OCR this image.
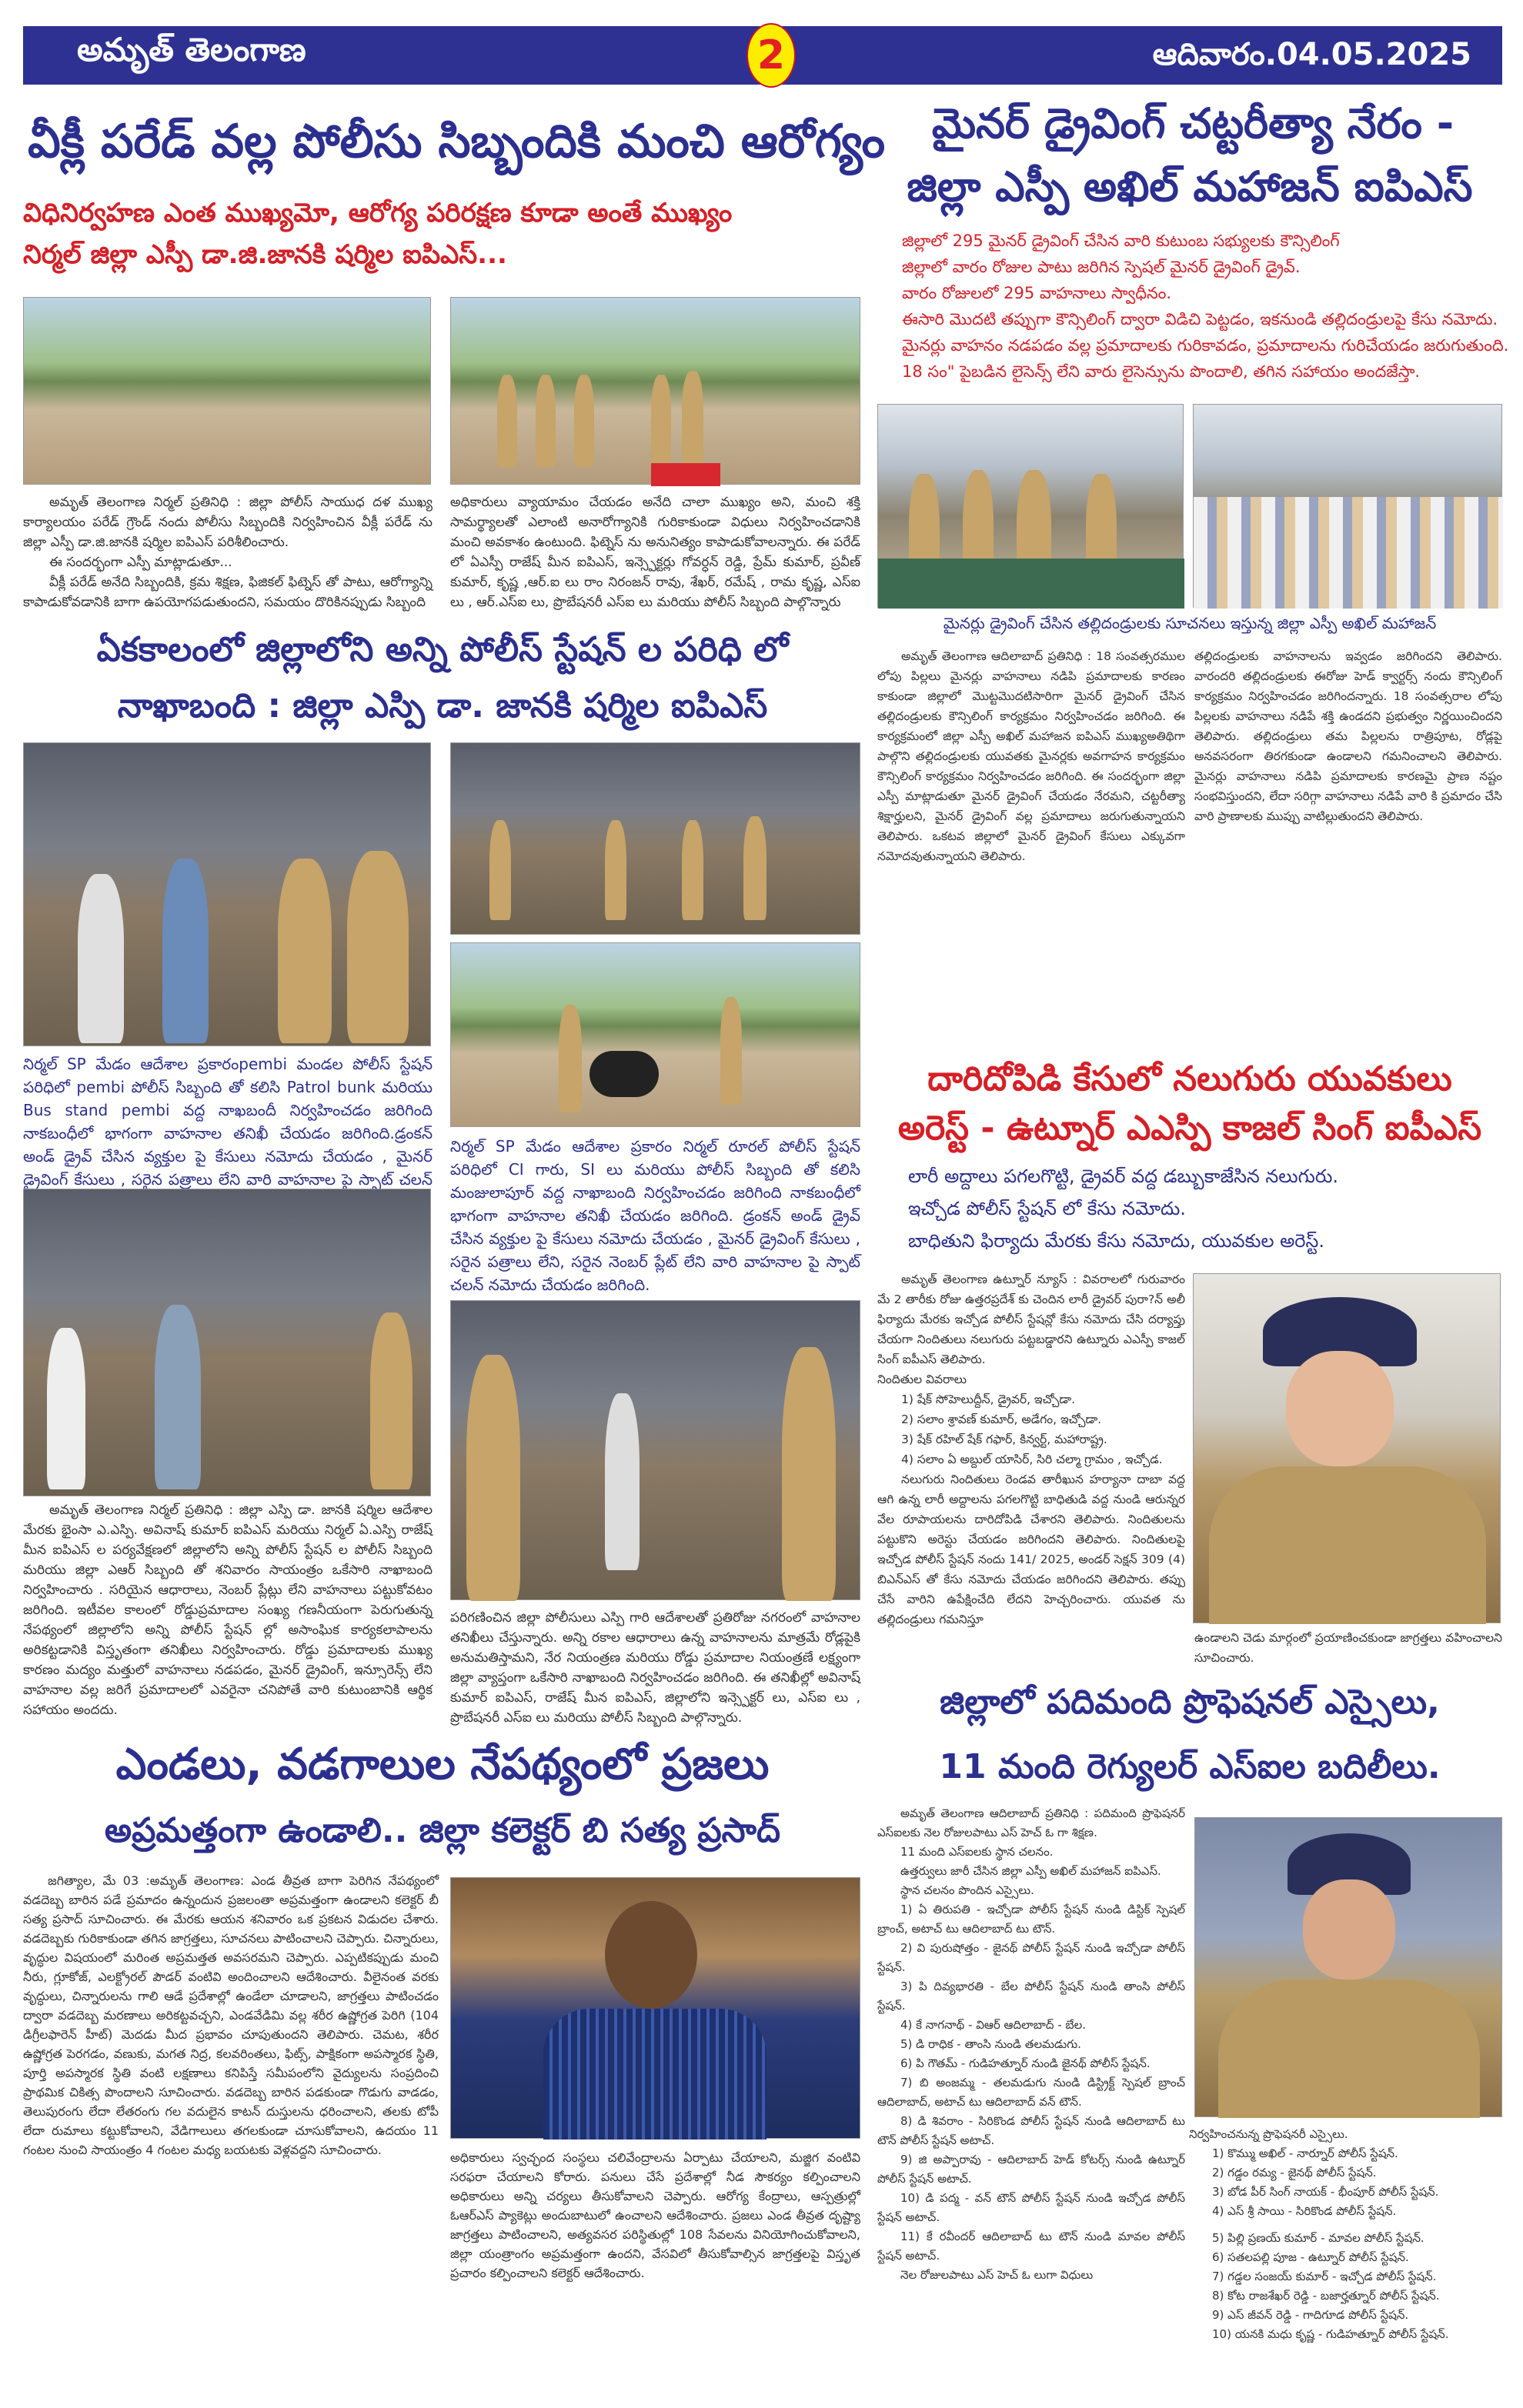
అమృత్ తెలంగాణ	2	ఆదివారం.04.05.2025
వీక్లీ పరేడ్ వల్ల పోలీసు సిబ్బందికి మంచి ఆరోగ్యం
విధినిర్వహణ ఎంత ముఖ్యమో, ఆరోగ్య పరిరక్షణ కూడా అంతే ముఖ్యం
నిర్మల్ జిల్లా ఎస్పీ డా.జి.జానకి షర్మిల ఐపిఎస్...

అమృత్ తెలంగాణ నిర్మల్ ప్రతినిధి : జిల్లా పోలీస్ సాయుధ దళ ముఖ్య కార్యాలయం పరేడ్ గ్రౌండ్ నందు పోలీసు సిబ్బందికి నిర్వహించిన వీక్లీ పరేడ్ ను జిల్లా ఎస్పీ డా.జి.జానకి షర్మిల ఐపిఎస్ పరిశీలించారు.

ఈ సందర్భంగా ఎస్పీ మాట్లాడుతూ...

వీక్లీ పరేడ్ అనేది సిబ్బందికి, క్రమ శిక్షణ, ఫిజికల్ ఫిట్నెస్ తో పాటు, ఆరోగ్యాన్ని కాపాడుకోవడానికి బాగా ఉపయోగపడుతుందని, సమయం దొరికినప్పుడు సిబ్బంది

అధికారులు వ్యాయామం చేయడం అనేది చాలా ముఖ్యం అని, మంచి శక్తి సామర్థ్యాలతో ఎలాంటి అనారోగ్యానికి గురికాకుండా విధులు నిర్వహించడానికి మంచి అవకాశం ఉంటుంది. ఫిట్నెస్ ను అనునిత్యం కాపాడుకోవాలన్నారు. ఈ పరేడ్ లో ఏఎస్పీ రాజేష్ మీన ఐపిఎస్, ఇన్స్పెక్టర్లు గోవర్ధన్ రెడ్డి, ప్రేమ్ కుమార్, ప్రవీణ్ కుమార్, కృష్ణ ,ఆర్.ఐ లు రాం నిరంజన్ రావు, శేఖర్, రమేష్ , రామ కృష్ణ, ఎస్ఐ లు , ఆర్.ఎస్ఐ లు, ప్రొబేషనరీ ఎస్ఐ లు మరియు పోలీస్ సిబ్బంది పాల్గొన్నారు

ఏకకాలంలో జిల్లాలోని అన్ని పోలీస్ స్టేషన్ ల పరిధి లో
నాఖాబంది : జిల్లా ఎస్పి డా. జానకి షర్మిల ఐపిఎస్
నిర్మల్ SP మేడం ఆదేశాల ప్రకారంpembi మండల పోలీస్ స్టేషన్ పరిధిలో pembi పోలీస్ సిబ్బంది తో కలిసి Patrol bunk మరియు Bus stand pembi వద్ద నాఖబందీ నిర్వహించడం జరిగింది నాకబంధీలో భాగంగా వాహనాల తనిఖీ చేయడం జరిగింది.డ్రంకన్ అండ్ డ్రైవ్ చేసిన వ్యక్తుల పై కేసులు నమోదు చేయడం , మైనర్ డ్రైవింగ్ కేసులు , సరైన పత్రాలు లేని వారి వాహనాల పై స్పాట్ చలన్

అమృత్ తెలంగాణ నిర్మల్ ప్రతినిధి : జిల్లా ఎస్పి డా. జానకి షర్మిల ఆదేశాల మేరకు భైంసా ఎ.ఎస్పి. అవినాష్ కుమార్ ఐపిఎస్ మరియు నిర్మల్ ఏ.ఎస్పి రాజేష్ మీన ఐపిఎస్ ల పర్యవేక్షణలో జిల్లాలోని అన్ని పోలీస్ స్టేషన్ ల పోలీస్ సిబ్బంది మరియు జిల్లా ఎఆర్ సిబ్బంది తో శనివారం సాయంత్రం ఒకేసారి నాఖాబంది నిర్వహించారు . సరియైన ఆధారాలు, నెంబర్ ప్లేట్లు లేని వాహనాలు పట్టుకోవటం జరిగింది. ఇటీవల కాలంలో రోడ్డుప్రమాదాల సంఖ్య గణనీయంగా పెరుగుతున్న నేపథ్యంలో జిల్లాలోని అన్ని పోలీస్ స్టేషన్ ల్లో అసాంఘిక కార్యకలాపాలను అరికట్టడానికి విస్తృతంగా తనిఖీలు నిర్వహించారు. రోడ్డు ప్రమాదాలకు ముఖ్య కారణం మద్యం మత్తులో వాహనాలు నడపడం, మైనర్ డ్రైవింగ్, ఇన్సూరెన్స్ లేని వాహనాల వల్ల జరిగే ప్రమాదాలలో ఎవరైనా చనిపోతే వారి కుటుంబానికి ఆర్థిక సహాయం అందదు.

నిర్మల్ SP మేడం ఆదేశాల ప్రకారం నిర్మల్ రూరల్ పోలీస్ స్టేషన్ పరిధిలో CI గారు, SI లు మరియు పోలీస్ సిబ్బంది తో కలిసి మంజులాపూర్ వద్ద నాఖాబంది నిర్వహించడం జరిగింది నాకబంధీలో భాగంగా వాహనాల తనిఖీ చేయడం జరిగింది. డ్రంకన్ అండ్ డ్రైవ్ చేసిన వ్యక్తుల పై కేసులు నమోదు చేయడం , మైనర్ డ్రైవింగ్ కేసులు , సరైన పత్రాలు లేని, సరైన నెంబర్ ప్లేట్ లేని వారి వాహనాల పై స్పాట్ చలన్ నమోదు చేయడం జరిగింది.

పరిగణించిన జిల్లా పోలీసులు ఎస్పి గారి ఆదేశాలతో ప్రతిరోజు నగరంలో వాహనాల తనిఖీలు చేస్తున్నారు. అన్ని రకాల ఆధారాలు ఉన్న వాహనాలను మాత్రమే రోడ్లపైకి అనుమతిస్తామని, నేర నియంత్రణ మరియు రోడ్డు ప్రమాదాల నియంత్రణే లక్ష్యంగా జిల్లా వ్యాప్తంగా ఒకేసారి నాఖాబంది నిర్వహించడం జరిగింది. ఈ తనిఖీల్లో అవినాష్ కుమార్ ఐపిఎస్, రాజేష్ మీన ఐపిఎస్, జిల్లాలోని ఇన్స్పెక్టర్ లు, ఎస్ఐ లు , ప్రొబేషనరీ ఎస్ఐ లు మరియు పోలీస్ సిబ్బంది పాల్గొన్నారు.

ఎండలు, వడగాలుల నేపథ్యంలో ప్రజలు
అప్రమత్తంగా ఉండాలి.. జిల్లా కలెక్టర్ బి సత్య ప్రసాద్

జగిత్యాల, మే 03 :అమృత్ తెలంగాణ: ఎండ తీవ్రత బాగా పెరిగిన నేపథ్యంలో వడదెబ్బ బారిన పడే ప్రమాదం ఉన్నందున ప్రజలంతా అప్రమత్తంగా ఉండాలని కలెక్టర్ బీ సత్య ప్రసాద్ సూచించారు. ఈ మేరకు ఆయన శనివారం ఒక ప్రకటన విడుదల చేశారు. వడదెబ్బకు గురికాకుండా తగిన జాగ్రత్తలు, సూచనలు పాటించాలని చెప్పారు. చిన్నారులు, వృద్ధుల విషయంలో మరింత అప్రమత్తత అవసరమని చెప్పారు. ఎప్పటికప్పుడు మంచి నీరు, గ్లూకోజ్, ఎలక్ట్రోరల్ పౌడర్ వంటివి అందించాలని ఆదేశించారు. వీలైనంత వరకు వృద్ధులు, చిన్నారులను గాలి ఆడే ప్రదేశాల్లో ఉండేలా చూడాలని, జాగ్రత్తలు పాటించడం ద్వారా వడదెబ్బ మరణాలు అరికట్టవచ్చని, ఎండవేడిమి వల్ల శరీర ఉష్ణోగ్రత పెరిగి (104 డిగ్రీలఫారెన్ హీట్) మెదడు మీద ప్రభావం చూపుతుందని తెలిపారు. చెమట, శరీర ఉష్ణోగ్రత పెరగడం, వణుకు, మగత నిద్ర, కలవరింతలు, ఫిట్స్, పాక్షికంగా అపస్మారక స్థితి, పూర్తి అపస్మారక స్థితి వంటి లక్షణాలు కనిపిస్తే సమీపంలోని వైద్యులను సంప్రదించి ప్రాథమిక చికిత్స పొందాలని సూచించారు. వడదెబ్బ బారిన పడకుండా గొడుగు వాడడం, తెలుపురంగు లేదా లేతరంగు గల వదులైన కాటన్ దుస్తులను ధరించాలని, తలకు టోపీ లేదా రుమాలు కట్టుకోవాలని, వేడిగాలులు తగలకుండా చూసుకోవాలని, ఉదయం 11 గంటల నుంచి సాయంత్రం 4 గంటల మధ్య బయటకు వెళ్లవద్దని సూచించారు.

అధికారులు స్వచ్ఛంద సంస్థలు చలివేంద్రాలను ఏర్పాటు చేయాలని, మజ్జిగ వంటివి సరఫరా చేయాలని కోరారు. పనులు చేసే ప్రదేశాల్లో నీడ సౌకర్యం కల్పించాలని అధికారులు అన్ని చర్యలు తీసుకోవాలని చెప్పారు. ఆరోగ్య కేంద్రాలు, ఆస్పత్రుల్లో ఓఆర్ఎస్ ప్యాకెట్లు అందుబాటులో ఉంచాలని ఆదేశించారు. ప్రజలు ఎండ తీవ్రత దృష్ట్యా జాగ్రత్తలు పాటించాలని, అత్యవసర పరిస్థితుల్లో 108 సేవలను వినియోగించుకోవాలని, జిల్లా యంత్రాంగం అప్రమత్తంగా ఉందని, వేసవిలో తీసుకోవాల్సిన జాగ్రత్తలపై విస్తృత ప్రచారం కల్పించాలని కలెక్టర్ ఆదేశించారు.

మైనర్ డ్రైవింగ్ చట్టరీత్యా నేరం -
జిల్లా ఎస్పీ అఖిల్ మహాజన్ ఐపిఎస్
జిల్లాలో 295 మైనర్ డ్రైవింగ్ చేసిన వారి కుటుంబ సభ్యులకు కౌన్సిలింగ్
జిల్లాలో వారం రోజుల పాటు జరిగిన స్పెషల్ మైనర్ డ్రైవింగ్ డ్రైవ్.
వారం రోజులలో 295 వాహనాలు స్వాధీనం.
ఈసారి మొదటి తప్పుగా కౌన్సిలింగ్ ద్వారా విడిచి పెట్టడం, ఇకనుండి తల్లిదండ్రులపై కేసు నమోదు.
మైనర్లు వాహనం నడపడం వల్ల ప్రమాదాలకు గురికావడం, ప్రమాదాలను గురిచేయడం జరుగుతుంది.
18 సం" పైబడిన లైసెన్స్ లేని వారు లైసెన్సును పొందాలి, తగిన సహాయం అందజేస్తా.
మైనర్లు డ్రైవింగ్ చేసిన తల్లిదండ్రులకు సూచనలు ఇస్తున్న జిల్లా ఎస్పీ అఖిల్ మహాజన్

అమృత్ తెలంగాణ ఆదిలాబాద్ ప్రతినిధి : 18 సంవత్సరముల లోపు పిల్లలు మైనర్లు వాహనాలు నడిపి ప్రమాదాలకు కారణం కాకుండా జిల్లాలో మొట్టమొదటిసారిగా మైనర్ డ్రైవింగ్ చేసిన తల్లిదండ్రులకు కౌన్సిలింగ్ కార్యక్రమం నిర్వహించడం జరిగింది. ఈ కార్యక్రమంలో జిల్లా ఎస్పీ అఖిల్ మహాజన ఐపిఎస్ ముఖ్యఅతిథిగా పాల్గొని తల్లిదండ్రులకు యువతకు మైనర్లకు అవగాహన కార్యక్రమం కౌన్సిలింగ్ కార్యక్రమం నిర్వహించడం జరిగింది. ఈ సందర్భంగా జిల్లా ఎస్పీ మాట్లాడుతూ మైనర్ డ్రైవింగ్ చేయడం నేరమని, చట్టరీత్యా శిక్షార్హులని, మైనర్ డ్రైవింగ్ వల్ల ప్రమాదాలు జరుగుతున్నాయని తెలిపారు. ఒకటవ జిల్లాలో మైనర్ డ్రైవింగ్ కేసులు ఎక్కువగా నమోదవుతున్నాయని తెలిపారు.

తల్లిదండ్రులకు వాహనాలను ఇవ్వడం జరిగిందని తెలిపారు. వారందరి తల్లిదండ్రులకు ఈరోజు హెడ్ క్వార్టర్స్ నందు కౌన్సిలింగ్ కార్యక్రమం నిర్వహించడం జరిగిందన్నారు. 18 సంవత్సరాల లోపు పిల్లలకు వాహనాలు నడిపే శక్తి ఉండదని ప్రభుత్వం నిర్ణయించిందని తెలిపారు. తల్లిదండ్రులు తమ పిల్లలను రాత్రిపూట, రోడ్లపై అనవసరంగా తిరగకుండా ఉండాలని గమనించాలని తెలిపారు. మైనర్లు వాహనాలు నడిపి ప్రమాదాలకు కారణమై ప్రాణ నష్టం సంభవిస్తుందని, లేదా సరిగ్గా వాహనాలు నడిపే వారి కి ప్రమాదం చేసి వారి ప్రాణాలకు ముప్పు వాటిల్లుతుందని తెలిపారు.

దారిదోపిడి కేసులో నలుగురు యువకులు
అరెస్ట్ - ఉట్నూర్ ఎఎస్పి కాజల్ సింగ్ ఐపీఎస్
లారీ అద్దాలు పగలగొట్టి, డ్రైవర్ వద్ద డబ్బుకాజేసిన నలుగురు.
ఇచ్చోడ పోలీస్ స్టేషన్ లో కేసు నమోదు.
బాధితుని ఫిర్యాదు మేరకు కేసు నమోదు, యువకుల అరెస్ట్.

అమృత్ తెలంగాణ ఉట్నూర్ న్యూస్ : వివరాలలో గురువారం మే 2 తారీకు రోజు ఉత్తరప్రదేశ్ కు చెందిన లారీ డ్రైవర్ పురా?న్ అలీ ఫిర్యాదు మేరకు ఇచ్చోడ పోలీస్ స్టేషన్లో కేసు నమోదు చేసి దర్యాప్తు చేయగా నిందితులు నలుగురు పట్టబడ్డారని ఉట్నూరు ఎఎస్పీ కాజల్ సింగ్ ఐపీఎస్ తెలిపారు.

నిందితుల వివరాలు

1) షేక్ సోహెలుద్దీన్, డ్రైవర్, ఇచ్చోడా.

2) సలాం శ్రావణ్ కుమార్, అడేగం, ఇచ్చోడా.

3) షేక్ రహిల్ షేక్ గఫార్, కిన్వర్ట్, మహారాష్ట్ర.

4) సలాం ఏ అబ్దుల్ యాసిర్, సిరి చల్మా గ్రామం , ఇచ్చోడ.

నలుగురు నిందితులు రెండవ తారీఖున హర్యానా దాబా వద్ద ఆగి ఉన్న లారీ అద్దాలను పగలగొట్టి బాధితుడి వద్ద నుండి ఆరున్నర వేల రూపాయలను దారిదోపిడి చేశారని తెలిపారు. నిందితులను పట్టుకొని అరెస్టు చేయడం జరిగిందని తెలిపారు. నిందితులపై ఇచ్చోడ పోలీస్ స్టేషన్ నందు 141/ 2025, అండర్ సెక్షన్ 309 (4) బిఎన్ఎస్ తో కేసు నమోదు చేయడం జరిగిందని తెలిపారు. తప్పు చేసే వారిని ఉపేక్షించేది లేదని హెచ్చరించారు. యువత ను తల్లిదండ్రులు గమనిస్తూ

ఉండాలని చెడు మార్గంలో ప్రయాణించకుండా జాగ్రత్తలు వహించాలని సూచించారు.
జిల్లాలో పదిమంది ప్రొఫెషనల్ ఎస్సైలు,
11 మంది రెగ్యులర్ ఎస్ఐల బదిలీలు.

అమృత్ తెలంగాణ ఆదిలాబాద్ ప్రతినిధి : పదిమంది ప్రొఫెషనర్ ఎస్ఐలకు నెల రోజులపాటు ఎస్ హెచ్ ఓ గా శిక్షణ.

11 మంది ఎస్ఐలకు స్థాన చలనం.

ఉత్తర్వులు జారీ చేసిన జిల్లా ఎస్పీ అఖిల్ మహాజన్ ఐపిఎస్.

స్థాన చలనం పొందిన ఎస్సైలు.

1) ఏ తిరుపతి - ఇచ్చోడా పోలీస్ స్టేషన్ నుండి డిస్టిక్ స్పెషల్ బ్రాంచ్, అటాచ్ టు ఆదిలాబాద్ టు టౌన్.

2) వి పురుషోత్తం - జైనథ్ పోలీస్ స్టేషన్ నుండి ఇచ్చోడా పోలీస్ స్టేషన్.

3) పి దివ్యభారతి - బేల పోలీస్ స్టేషన్ నుండి తాంసి పోలీస్ స్టేషన్.

4) కే నాగనాథ్ - విఆర్ ఆదిలాబాద్ - బేల.

5) డి రాధిక - తాంసి నుండి తలమడుగు.

6) పి గౌతమ్ - గుడిహత్నూర్ నుండి జైనథ్ పోలీస్ స్టేషన్.

7) బి అంజమ్మ - తలమడుగు నుండి డిస్ట్రిక్ట్ స్పెషల్ బ్రాంచ్ ఆదిలాబాద్, అటాచ్ టు ఆదిలాబాద్ వన్ టౌన్.

8) డి శివరాం - సిరికొండ పోలీస్ స్టేషన్ నుండి ఆదిలాబాద్ టు టౌన్ పోలీస్ స్టేషన్ అటాచ్.

9) జి అప్పారావు - ఆదిలాబాద్ హెడ్ కోటర్స్ నుండి ఉట్నూర్ పోలీస్ స్టేషన్ అటాచ్.

10) డి పద్మ - వన్ టౌన్ పోలీస్ స్టేషన్ నుండి ఇచ్చోడ పోలీస్ స్టేషన్ అటాచ్.

11) కే రవీందర్ ఆదిలాబాద్ టు టౌన్ నుండి మావల పోలీస్ స్టేషన్ అటాచ్.

నెల రోజులపాటు ఎస్ హెచ్ ఓ లుగా విధులు

నిర్వహించనున్న ప్రొఫెషనరీ ఎస్సైలు.

1) కొమ్ము అఖిల్ - నార్నూర్ పోలీస్ స్టేషన్.

2) గడ్డం రమ్య - జైనథ్ పోలీస్ స్టేషన్.

3) బోడ పీర్ సింగ్ నాయక్ - భీంపూర్ పోలీస్ స్టేషన్.

4) ఎస్ శ్రీ సాయి - సిరికొండ పోలీస్ స్టేషన్.

5) పిల్లి ప్రణయ్ కుమార్ - మావల పోలీస్ స్టేషన్.

6) సతలపల్లి పూజ - ఉట్నూర్ పోలీస్ స్టేషన్.

7) గడ్డల సంజయ్ కుమార్ - ఇచ్చోడ పోలీస్ స్టేషన్.

8) కోట రాజశేఖర్ రెడ్డి - బజార్హత్నూర్ పోలీస్ స్టేషన్.

9) ఎస్ జీవన్ రెడ్డి - గాదిగూడ పోలీస్ స్టేషన్.

10) యనకి మధు కృష్ణ - గుడిహత్నూర్ పోలీస్ స్టేషన్.
